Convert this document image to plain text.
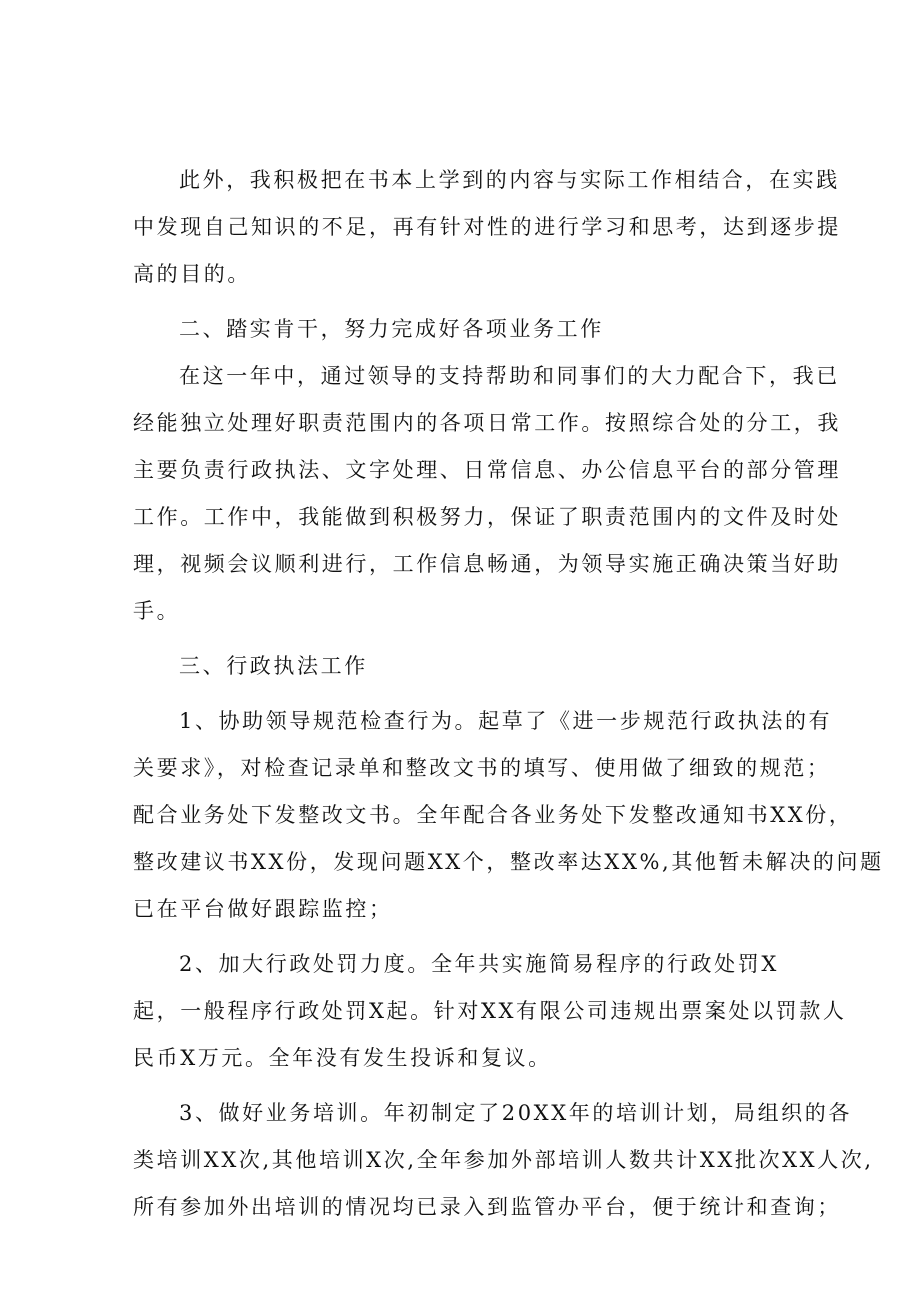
此外，我积极把在书本上学到的内容与实际工作相结合，在实践
中发现自己知识的不足，再有针对性的进行学习和思考，达到逐步提
高的目的。
二、踏实肯干，努力完成好各项业务工作
在这一年中，通过领导的支持帮助和同事们的大力配合下，我已
经能独立处理好职责范围内的各项日常工作。按照综合处的分工，我
主要负责行政执法、文字处理、日常信息、办公信息平台的部分管理
工作。工作中，我能做到积极努力，保证了职责范围内的文件及时处
理，视频会议顺利进行，工作信息畅通，为领导实施正确决策当好助
手。
三、行政执法工作
1、协助领导规范检查行为。起草了《进一步规范行政执法的有
关要求》，对检查记录单和整改文书的填写、使用做了细致的规范；
配合业务处下发整改文书。全年配合各业务处下发整改通知书XX份，
整改建议书XX份，发现问题XX个，整改率达XX%,其他暂未解决的问题
已在平台做好跟踪监控；
2、加大行政处罚力度。全年共实施简易程序的行政处罚X
起，一般程序行政处罚X起。针对XX有限公司违规出票案处以罚款人
民币X万元。全年没有发生投诉和复议。
3、做好业务培训。年初制定了20XX年的培训计划，局组织的各
类培训XX次,其他培训X次,全年参加外部培训人数共计XX批次XX人次,
所有参加外出培训的情况均已录入到监管办平台，便于统计和查询；
